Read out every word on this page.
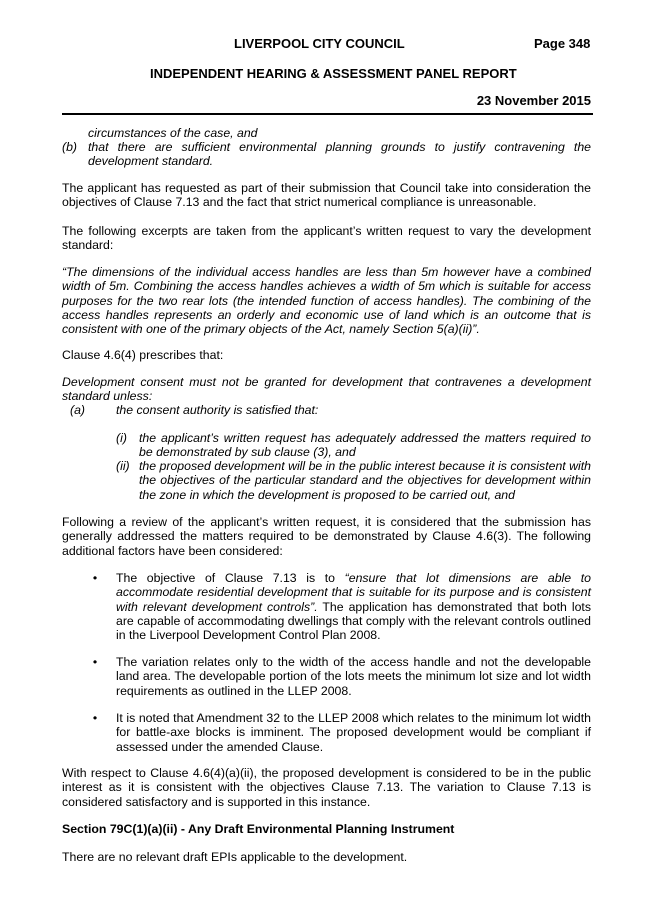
LIVERPOOL CITY COUNCIL	Page 348
INDEPENDENT HEARING & ASSESSMENT PANEL REPORT
23 November 2015
circumstances of the case, and
(b) that there are sufficient environmental planning grounds to justify contravening the development standard.

The applicant has requested as part of their submission that Council take into consideration the objectives of Clause 7.13 and the fact that strict numerical compliance is unreasonable.

The following excerpts are taken from the applicant’s written request to vary the development standard:

“The dimensions of the individual access handles are less than 5m however have a combined width of 5m. Combining the access handles achieves a width of 5m which is suitable for access purposes for the two rear lots (the intended function of access handles). The combining of the access handles represents an orderly and economic use of land which is an outcome that is consistent with one of the primary objects of the Act, namely Section 5(a)(ii)”.

Clause 4.6(4) prescribes that:

Development consent must not be granted for development that contravenes a development standard unless:

(a)	the consent authority is satisfied that:
(i) the applicant’s written request has adequately addressed the matters required to be demonstrated by sub clause (3), and
(ii) the proposed development will be in the public interest because it is consistent with the objectives of the particular standard and the objectives for development within the zone in which the development is proposed to be carried out, and

Following a review of the applicant’s written request, it is considered that the submission has generally addressed the matters required to be demonstrated by Clause 4.6(3). The following additional factors have been considered:

• The objective of Clause 7.13 is to “ensure that lot dimensions are able to accommodate residential development that is suitable for its purpose and is consistent with relevant development controls”. The application has demonstrated that both lots are capable of accommodating dwellings that comply with the relevant controls outlined in the Liverpool Development Control Plan 2008.

• The variation relates only to the width of the access handle and not the developable land area. The developable portion of the lots meets the minimum lot size and lot width requirements as outlined in the LLEP 2008.

• It is noted that Amendment 32 to the LLEP 2008 which relates to the minimum lot width for battle-axe blocks is imminent. The proposed development would be compliant if assessed under the amended Clause.

With respect to Clause 4.6(4)(a)(ii), the proposed development is considered to be in the public interest as it is consistent with the objectives Clause 7.13. The variation to Clause 7.13 is considered satisfactory and is supported in this instance.

Section 79C(1)(a)(ii) - Any Draft Environmental Planning Instrument

There are no relevant draft EPIs applicable to the development.
